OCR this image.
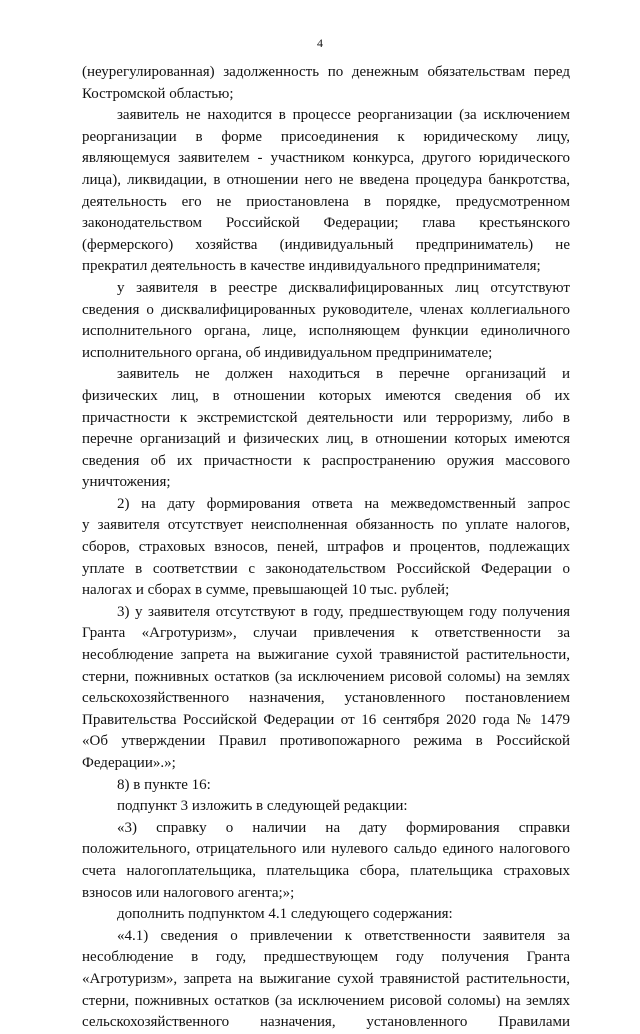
4
(неурегулированная) задолженность по денежным обязательствам перед
Костромской областью;
заявитель не находится в процессе реорганизации (за исключением
реорганизации в форме присоединения к юридическому лицу,
являющемуся заявителем - участником конкурса, другого юридического
лица), ликвидации, в отношении него не введена процедура банкротства,
деятельность его не приостановлена в порядке, предусмотренном
законодательством Российской Федерации; глава крестьянского
(фермерского) хозяйства (индивидуальный предприниматель) не
прекратил деятельность в качестве индивидуального предпринимателя;
у заявителя в реестре дисквалифицированных лиц отсутствуют
сведения о дисквалифицированных руководителе, членах коллегиального
исполнительного органа, лице, исполняющем функции единоличного
исполнительного органа, об индивидуальном предпринимателе;
заявитель не должен находиться в перечне организаций и
физических лиц, в отношении которых имеются сведения об их
причастности к экстремистской деятельности или терроризму, либо в
перечне организаций и физических лиц, в отношении которых имеются
сведения об их причастности к распространению оружия массового
уничтожения;
2) на дату формирования ответа на межведомственный запрос
у заявителя отсутствует неисполненная обязанность по уплате налогов,
сборов, страховых взносов, пеней, штрафов и процентов, подлежащих
уплате в соответствии с законодательством Российской Федерации о
налогах и сборах в сумме, превышающей 10 тыс. рублей;
3) у заявителя отсутствуют в году, предшествующем году получения
Гранта «Агротуризм», случаи привлечения к ответственности за
несоблюдение запрета на выжигание сухой травянистой растительности,
стерни, пожнивных остатков (за исключением рисовой соломы) на землях
сельскохозяйственного назначения, установленного постановлением
Правительства Российской Федерации от 16 сентября 2020 года № 1479
«Об утверждении Правил противопожарного режима в Российской
Федерации».»;
8) в пункте 16:
подпункт 3 изложить в следующей редакции:
«3) справку о наличии на дату формирования справки
положительного, отрицательного или нулевого сальдо единого налогового
счета налогоплательщика, плательщика сбора, плательщика страховых
взносов или налогового агента;»;
дополнить подпунктом 4.1 следующего содержания:
«4.1) сведения о привлечении к ответственности заявителя за
несоблюдение в году, предшествующем году получения Гранта
«Агротуризм», запрета на выжигание сухой травянистой растительности,
стерни, пожнивных остатков (за исключением рисовой соломы) на землях
сельскохозяйственного назначения, установленного Правилами
